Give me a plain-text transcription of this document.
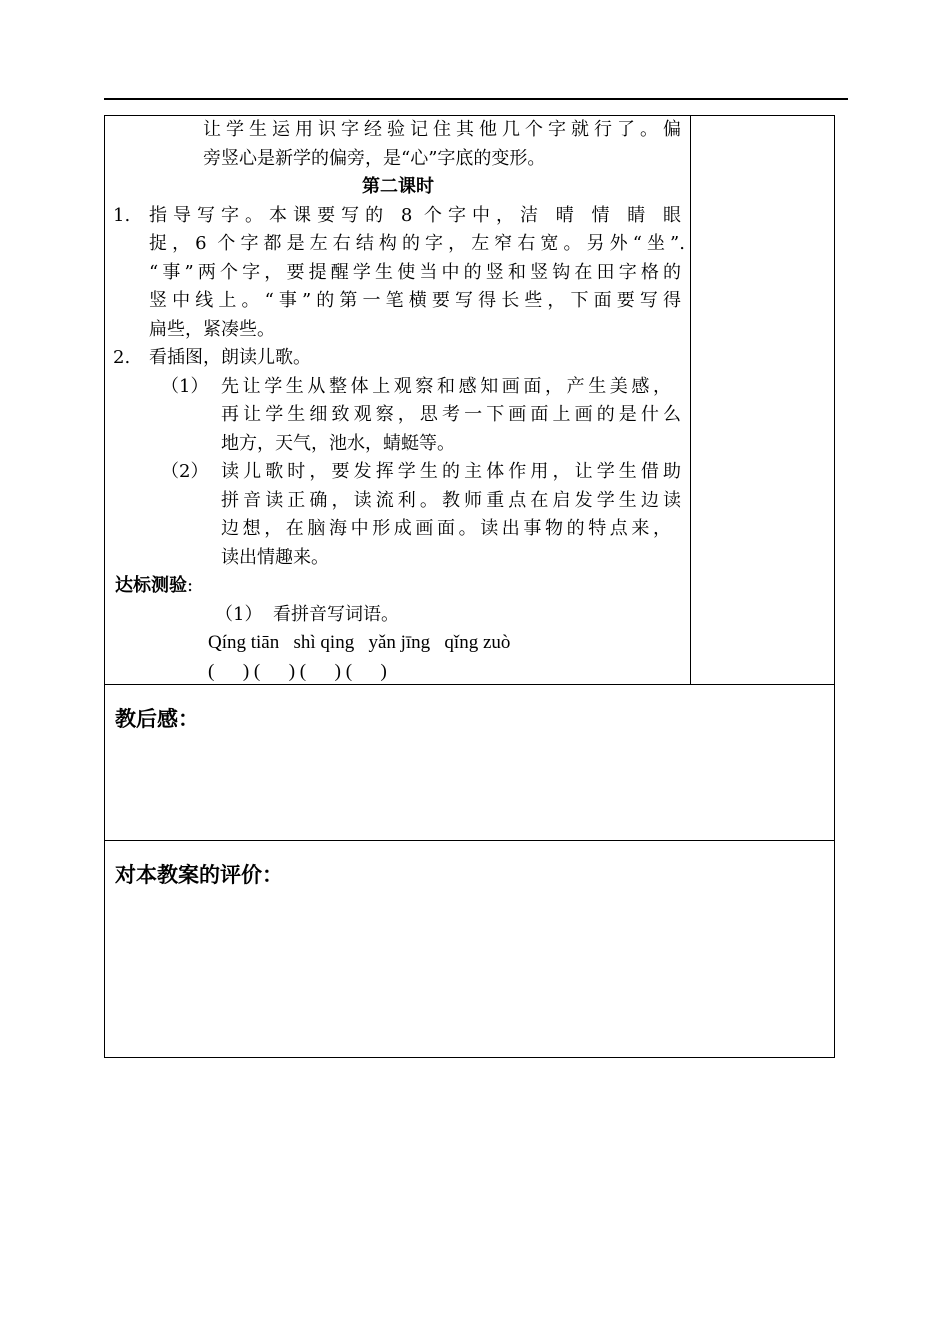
让学生运用识字经验记住其他几个字就行了。偏
旁竖心是新学的偏旁，是“心”字底的变形。
第二课时
1. 指导写字。本课要写的 8 个字中，洁 晴 情 睛 眼
捉，6 个字都是左右结构的字，左窄右宽。另外“坐”.
“事”两个字，要提醒学生使当中的竖和竖钩在田字格的
竖中线上。“事”的第一笔横要写得长些，下面要写得
扁些，紧凑些。
2. 看插图，朗读儿歌。
（1） 先让学生从整体上观察和感知画面，产生美感，
再让学生细致观察，思考一下画面上画的是什么
地方，天气，池水，蜻蜓等。
（2） 读儿歌时，要发挥学生的主体作用，让学生借助
拼音读正确，读流利。教师重点在启发学生边读
边想，在脑海中形成画面。读出事物的特点来，
读出情趣来。
达标测验:
（1） 看拼音写词语。
Qíng tiān   shì qing   yǎn jīng   qǐng zuò
(      ) (      ) (      ) (      )
教后感：
对本教案的评价：
